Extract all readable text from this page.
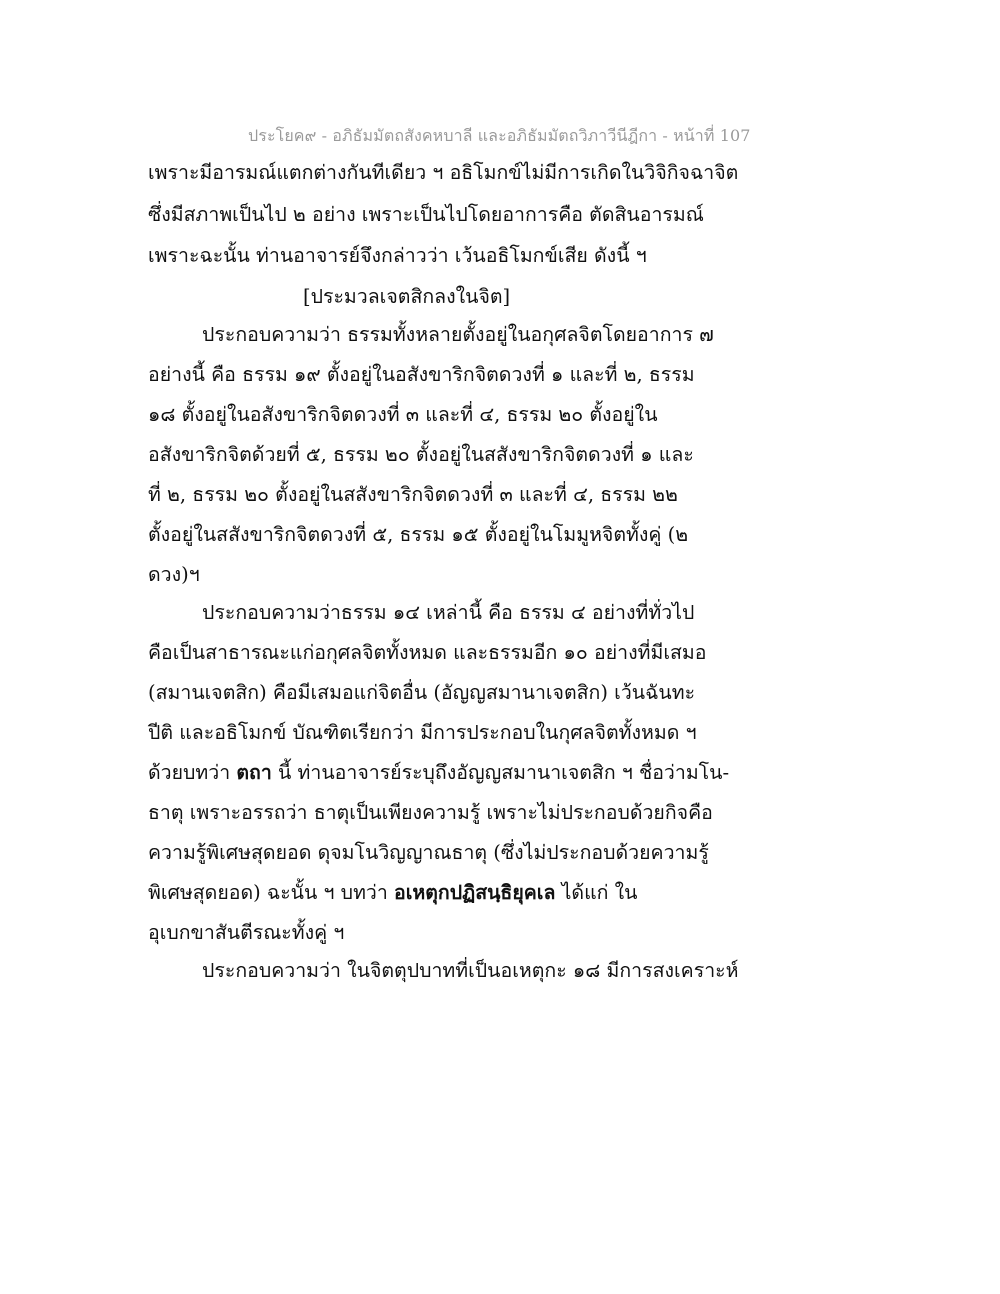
ประโยค๙ - อภิธัมมัตถสังคหบาลี และอภิธัมมัตถวิภาวีนีฎีกา - หน้าที่ 107
เพราะมีอารมณ์แตกต่างกันทีเดียว ฯ อธิโมกข์ไม่มีการเกิดในวิจิกิจฉาจิต
ซึ่งมีสภาพเป็นไป ๒ อย่าง เพราะเป็นไปโดยอาการคือ ตัดสินอารมณ์
เพราะฉะนั้น ท่านอาจารย์จึงกล่าวว่า เว้นอธิโมกข์เสีย ดังนี้ ฯ
[ประมวลเจตสิกลงในจิต]
ประกอบความว่า ธรรมทั้งหลายตั้งอยู่ในอกุศลจิตโดยอาการ ๗
อย่างนี้ คือ ธรรม ๑๙ ตั้งอยู่ในอสังขาริกจิตดวงที่ ๑ และที่ ๒, ธรรม
๑๘ ตั้งอยู่ในอสังขาริกจิตดวงที่ ๓ และที่ ๔, ธรรม ๒๐ ตั้งอยู่ใน
อสังขาริกจิตด้วยที่ ๕, ธรรม ๒๐ ตั้งอยู่ในสสังขาริกจิตดวงที่ ๑ และ
ที่ ๒, ธรรม ๒๐ ตั้งอยู่ในสสังขาริกจิตดวงที่ ๓ และที่ ๔, ธรรม ๒๒
ตั้งอยู่ในสสังขาริกจิตดวงที่ ๕, ธรรม ๑๕ ตั้งอยู่ในโมมูหจิตทั้งคู่ (๒
ดวง)ฯ
ประกอบความว่าธรรม ๑๔ เหล่านี้ คือ ธรรม ๔ อย่างที่ทั่วไป
คือเป็นสาธารณะแก่อกุศลจิตทั้งหมด และธรรมอีก ๑๐ อย่างที่มีเสมอ
(สมานเจตสิก) คือมีเสมอแก่จิตอื่น (อัญญสมานาเจตสิก) เว้นฉันทะ
ปีติ และอธิโมกข์ บัณฑิตเรียกว่า มีการประกอบในกุศลจิตทั้งหมด ฯ
ด้วยบทว่า ตถา นี้ ท่านอาจารย์ระบุถึงอัญญสมานาเจตสิก ฯ ชื่อว่ามโน-
ธาตุ เพราะอรรถว่า ธาตุเป็นเพียงความรู้ เพราะไม่ประกอบด้วยกิจคือ
ความรู้พิเศษสุดยอด ดุจมโนวิญญาณธาตุ (ซึ่งไม่ประกอบด้วยความรู้
พิเศษสุดยอด) ฉะนั้น ฯ บทว่า อเหตุกปฏิสนฺธิยุคเล ได้แก่ ใน
อุเบกขาสันตีรณะทั้งคู่ ฯ
ประกอบความว่า ในจิตตุปบาทที่เป็นอเหตุกะ ๑๘ มีการสงเคราะห์
